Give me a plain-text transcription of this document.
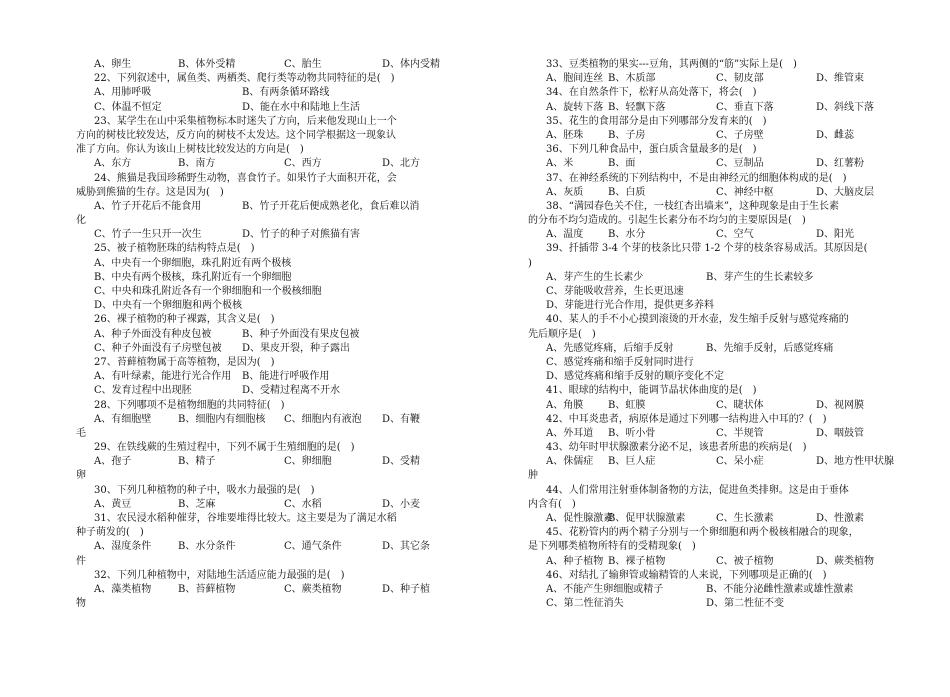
A、卵生	B、体外受精	C、胎生	D、体内受精
22、下列叙述中，属鱼类、两栖类、爬行类等动物共同特征的是(　)
A、用肺呼吸	B、有两条循环路线
C、体温不恒定	D、能在水中和陆地上生活
23、某学生在山中采集植物标本时迷失了方向，后来他发现山上一个
方向的树枝比较发达，反方向的树枝不太发达。这个同学根据这一现象认
准了方向。你认为该山上树枝比较发达的方向是(　)
A、东方	B、南方	C、西方	D、北方
24、熊猫是我国珍稀野生动物，喜食竹子。如果竹子大面积开花，会
威胁到熊猫的生存。这是因为(　)
A、竹子开花后不能食用	B、竹子开花后便成熟老化，食后难以消
化
C、竹子一生只开一次生	D、竹子的种子对熊猫有害
25、被子植物胚珠的结构特点是(　)
A、中央有一个卵细胞，珠孔附近有两个极核
B、中央有两个极核，珠孔附近有一个卵细胞
C、中央和珠孔附近各有一个卵细胞和一个极核细胞
D、中央有一个卵细胞和两个极核
26、裸子植物的种子裸露，其含义是(　)
A、种子外面没有种皮包被	B、种子外面没有果皮包被
C、种子外面没有子房壁包被 D、果皮开裂，种子露出
27、苔藓植物属于高等植物，是因为(　)
A、有叶绿素，能进行光合作用 B、能进行呼吸作用
C、发育过程中出现胚	D、受精过程离不开水
28、下列哪项不是植物细胞的共同特征(　)
A、有细胞壁	B、细胞内有细胞核 C、细胞内有液泡 D、有鞭
毛
29、在铁线蕨的生殖过程中，下列不属于生殖细胞的是(　)
A、孢子	B、精子	C、卵细胞	D、受精
卵
30、下列几种植物的种子中，吸水力最强的是(　)
A、黄豆	B、芝麻	C、水稻	D、小麦
31、农民浸水稻种催芽，谷堆要堆得比较大。这主要是为了满足水稻
种子萌发的(　)
A、湿度条件	B、水分条件	C、通气条件	D、其它条
件
32、下列几种植物中，对陆地生活适应能力最强的是(　)
A、藻类植物	B、苔藓植物	C、蕨类植物	D、种子植
物
33、豆类植物的果实---豆角，其两侧的“筋”实际上是(　)
A、胞间连丝 B、木质部	C、韧皮部	D、维管束
34、在自然条件下，松籽从高处落下，将会(　)
A、旋转下落 B、轻飘下落	C、垂直下落	D、斜线下落
35、花生的食用部分是由下列哪部分发育来的(　)
A、胚珠 B、子房	C、子房壁	D、雌蕊
36、下列几种食品中，蛋白质含量最多的是(　)
A、米	B、面	C、豆制品	D、红薯粉
37、在神经系统的下列结构中，不是由神经元的细胞体构成的是(　)
A、灰质 B、白质	C、神经中枢	D、大脑皮层
38、“满园春色关不住，一枝红杏出墙来”，这种现象是由于生长素
的分布不均匀造成的。引起生长素分布不均匀的主要原因是(　)
A、温度 B、水分	C、空气	D、阳光
39、扦插带 3-4 个芽的枝条比只带 1-2 个芽的枝条容易成活。其原因是(
)
A、芽产生的生长素少	B、芽产生的生长素较多
C、芽能吸收营养，生长更迅速
D、芽能进行光合作用，提供更多养料
40、某人的手不小心摸到滚烫的开水壶，发生缩手反射与感觉疼痛的
先后顺序是(　)
A、先感觉疼痛，后缩手反射	B、先缩手反射，后感觉疼痛
C、感觉疼痛和缩手反射同时进行
D、感觉疼痛和缩手反射的顺序变化不定
41、眼球的结构中，能调节晶状体曲度的是(　)
A、角膜 B、虹膜	C、睫状体	D、视网膜
42、中耳炎患者，病原体是通过下列哪一结构进入中耳的？(　)
A、外耳道 B、听小骨	C、半规管	D、咽鼓管
43、幼年时甲状腺激素分泌不足，该患者所患的疾病是(　)
A、侏儒症 B、巨人症	C、呆小症	D、地方性甲状腺
肿
44、人们常用注射垂体制备物的方法，促进鱼类排卵。这是由于垂体
内含有(　)
A、促性腺激素
B、促甲状腺激素	C、生长激素	D、性激素
45、花粉管内的两个精子分别与一个卵细胞和两个极核相融合的现象，
是下列哪类植物所特有的受精现象(　)
A、种子植物 B、裸子植物	C、被子植物	D、蕨类植物
46、对结扎了输卵管或输精管的人来说，下列哪项是正确的(　)
A、不能产生卵细胞或精子	B、不能分泌雌性激素或雄性激素
C、第二性征消失	D、第二性征不变
